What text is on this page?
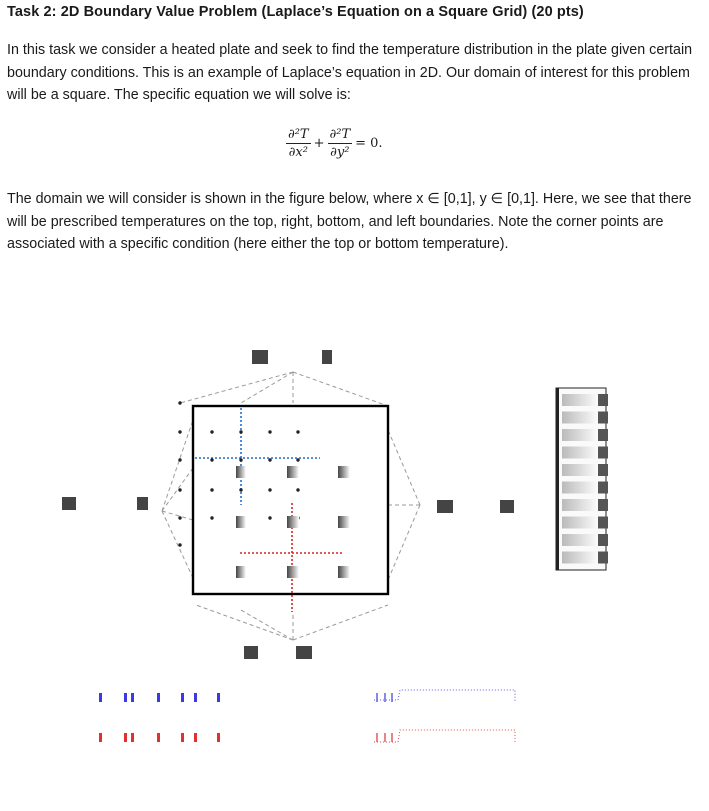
Task 2: 2D Boundary Value Problem (Laplace’s Equation on a Square Grid) (20 pts)

In this task we consider a heated plate and seek to find the temperature distribution in the plate given certain boundary conditions. This is an example of Laplace’s equation in 2D. Our domain of interest for this problem will be a square. The specific equation we will solve is:

$\frac{\text{∂²T}}{\text{∂x²}} + \frac{\text{∂²T}}{\text{∂y²}} = 0$.

The domain we will consider is shown in the figure below, where x ∈ [0,1], y ∈ [0,1]. Here, we see that there will be prescribed temperatures on the top, right, bottom, and left boundaries. Note the corner points are associated with a specific condition (here either the top or bottom temperature).
